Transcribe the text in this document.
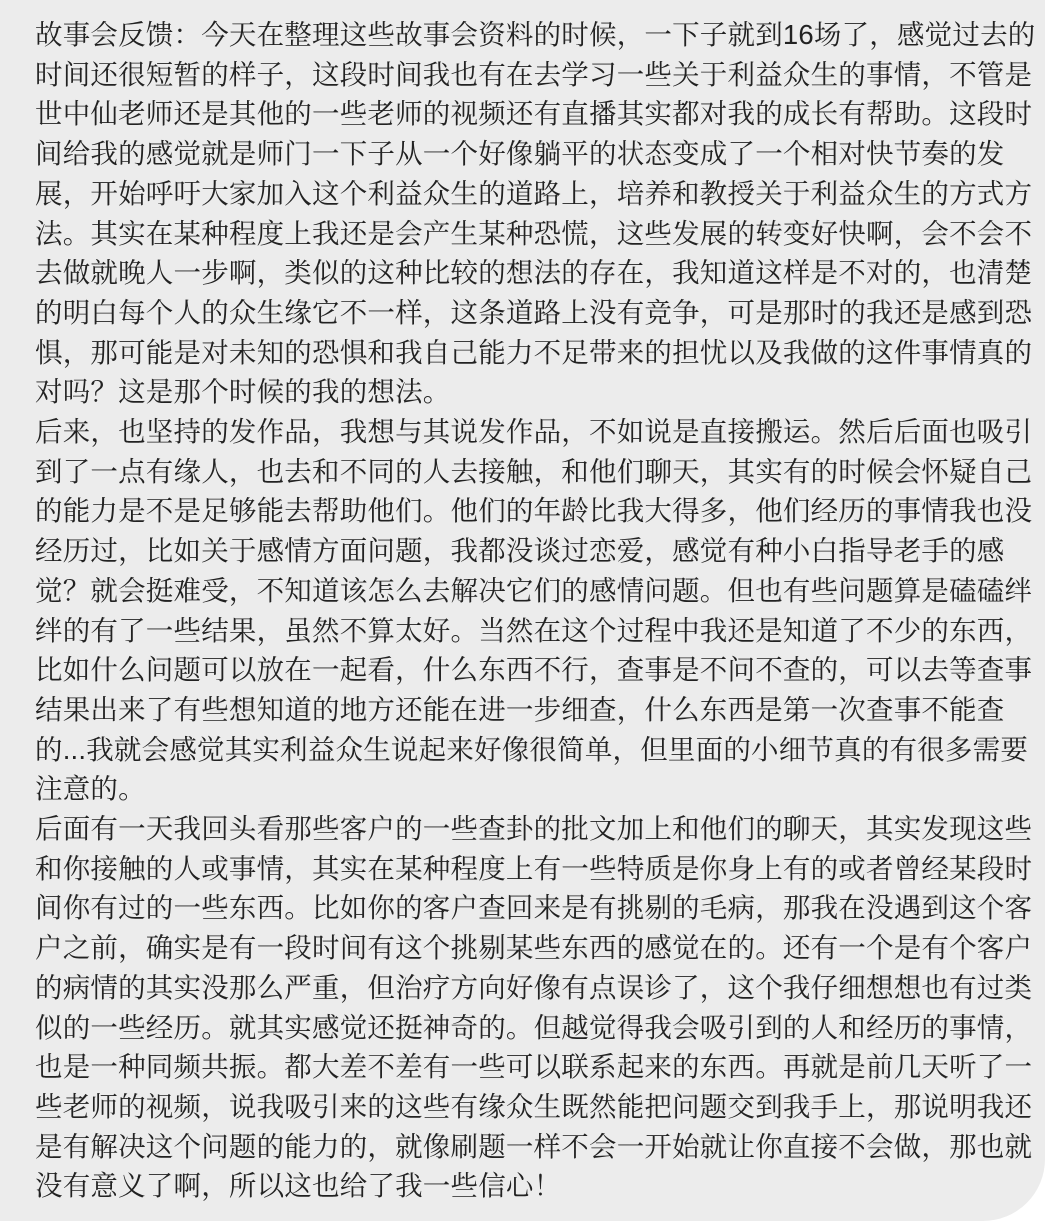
故事会反馈：今天在整理这些故事会资料的时候，一下子就到16场了，感觉过去的
时间还很短暂的样子，这段时间我也有在去学习一些关于利益众生的事情，不管是
世中仙老师还是其他的一些老师的视频还有直播其实都对我的成长有帮助。这段时
间给我的感觉就是师门一下子从一个好像躺平的状态变成了一个相对快节奏的发
展，开始呼吁大家加入这个利益众生的道路上，培养和教授关于利益众生的方式方
法。其实在某种程度上我还是会产生某种恐慌，这些发展的转变好快啊，会不会不
去做就晚人一步啊，类似的这种比较的想法的存在，我知道这样是不对的，也清楚
的明白每个人的众生缘它不一样，这条道路上没有竞争，可是那时的我还是感到恐
惧，那可能是对未知的恐惧和我自己能力不足带来的担忧以及我做的这件事情真的
对吗？这是那个时候的我的想法。
后来，也坚持的发作品，我想与其说发作品，不如说是直接搬运。然后后面也吸引
到了一点有缘人，也去和不同的人去接触，和他们聊天，其实有的时候会怀疑自己
的能力是不是足够能去帮助他们。他们的年龄比我大得多，他们经历的事情我也没
经历过，比如关于感情方面问题，我都没谈过恋爱，感觉有种小白指导老手的感
觉？就会挺难受，不知道该怎么去解决它们的感情问题。但也有些问题算是磕磕绊
绊的有了一些结果，虽然不算太好。当然在这个过程中我还是知道了不少的东西，
比如什么问题可以放在一起看，什么东西不行，查事是不问不查的，可以去等查事
结果出来了有些想知道的地方还能在进一步细查，什么东西是第一次查事不能查
的...我就会感觉其实利益众生说起来好像很简单，但里面的小细节真的有很多需要
注意的。
后面有一天我回头看那些客户的一些查卦的批文加上和他们的聊天，其实发现这些
和你接触的人或事情，其实在某种程度上有一些特质是你身上有的或者曾经某段时
间你有过的一些东西。比如你的客户查回来是有挑剔的毛病，那我在没遇到这个客
户之前，确实是有一段时间有这个挑剔某些东西的感觉在的。还有一个是有个客户
的病情的其实没那么严重，但治疗方向好像有点误诊了，这个我仔细想想也有过类
似的一些经历。就其实感觉还挺神奇的。但越觉得我会吸引到的人和经历的事情，
也是一种同频共振。都大差不差有一些可以联系起来的东西。再就是前几天听了一
些老师的视频，说我吸引来的这些有缘众生既然能把问题交到我手上，那说明我还
是有解决这个问题的能力的，就像刷题一样不会一开始就让你直接不会做，那也就
没有意义了啊，所以这也给了我一些信心！
